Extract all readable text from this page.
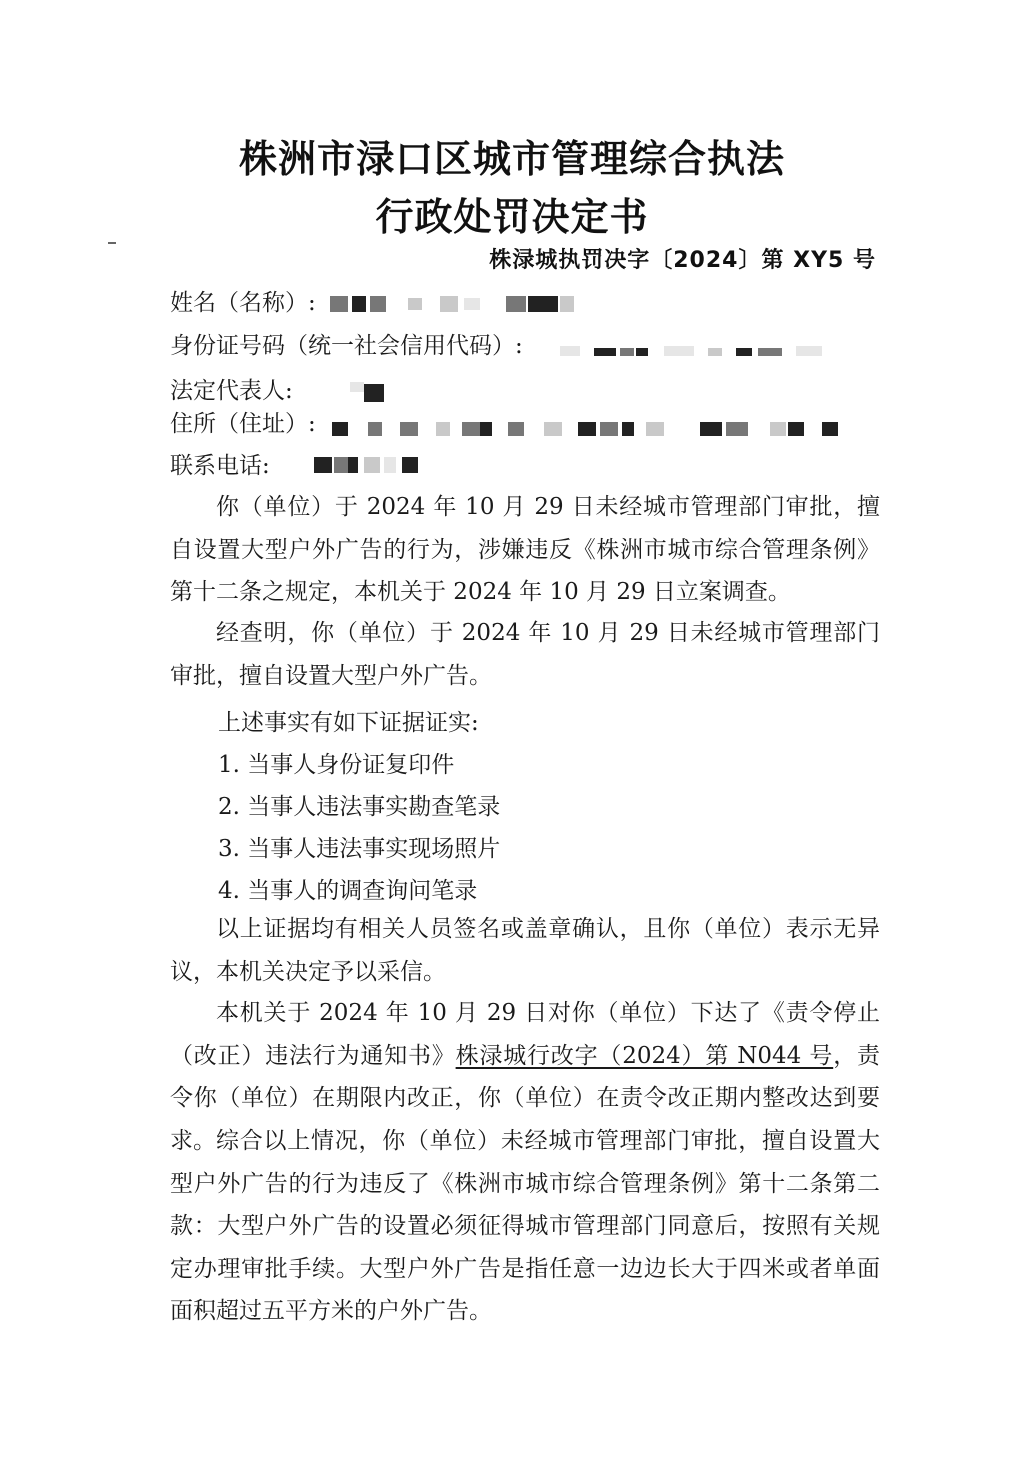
株洲市渌口区城市管理综合执法
行政处罚决定书
株渌城执罚决字〔2024〕第 XY5 号
姓名（名称）:
身份证号码（统一社会信用代码）:
法定代表人:
住所（住址）:
联系电话:

你（单位）于 2024 年 10 月 29 日未经城市管理部门审批，擅自设置大型户外广告的行为，涉嫌违反《株洲市城市综合管理条例》第十二条之规定，本机关于 2024 年 10 月 29 日立案调查。

经查明，你（单位）于 2024 年 10 月 29 日未经城市管理部门审批，擅自设置大型户外广告。

上述事实有如下证据证实:
1. 当事人身份证复印件
2. 当事人违法事实勘查笔录
3. 当事人违法事实现场照片
4. 当事人的调查询问笔录

以上证据均有相关人员签名或盖章确认，且你（单位）表示无异议，本机关决定予以采信。

本机关于 2024 年 10 月 29 日对你（单位）下达了《责令停止（改正）违法行为通知书》株渌城行改字（2024）第 N044 号，责令你（单位）在期限内改正，你（单位）在责令改正期内整改达到要求。 综合以上情况，你（单位）未经城市管理部门审批，擅自设置大型户外广告的行为违反了《株洲市城市综合管理条例》第十二条第二款：大型户外广告的设置必须征得城市管理部门同意后，按照有关规定办理审批手续。大型户外广告是指任意一边边长大于四米或者单面面积超过五平方米的户外广告。
